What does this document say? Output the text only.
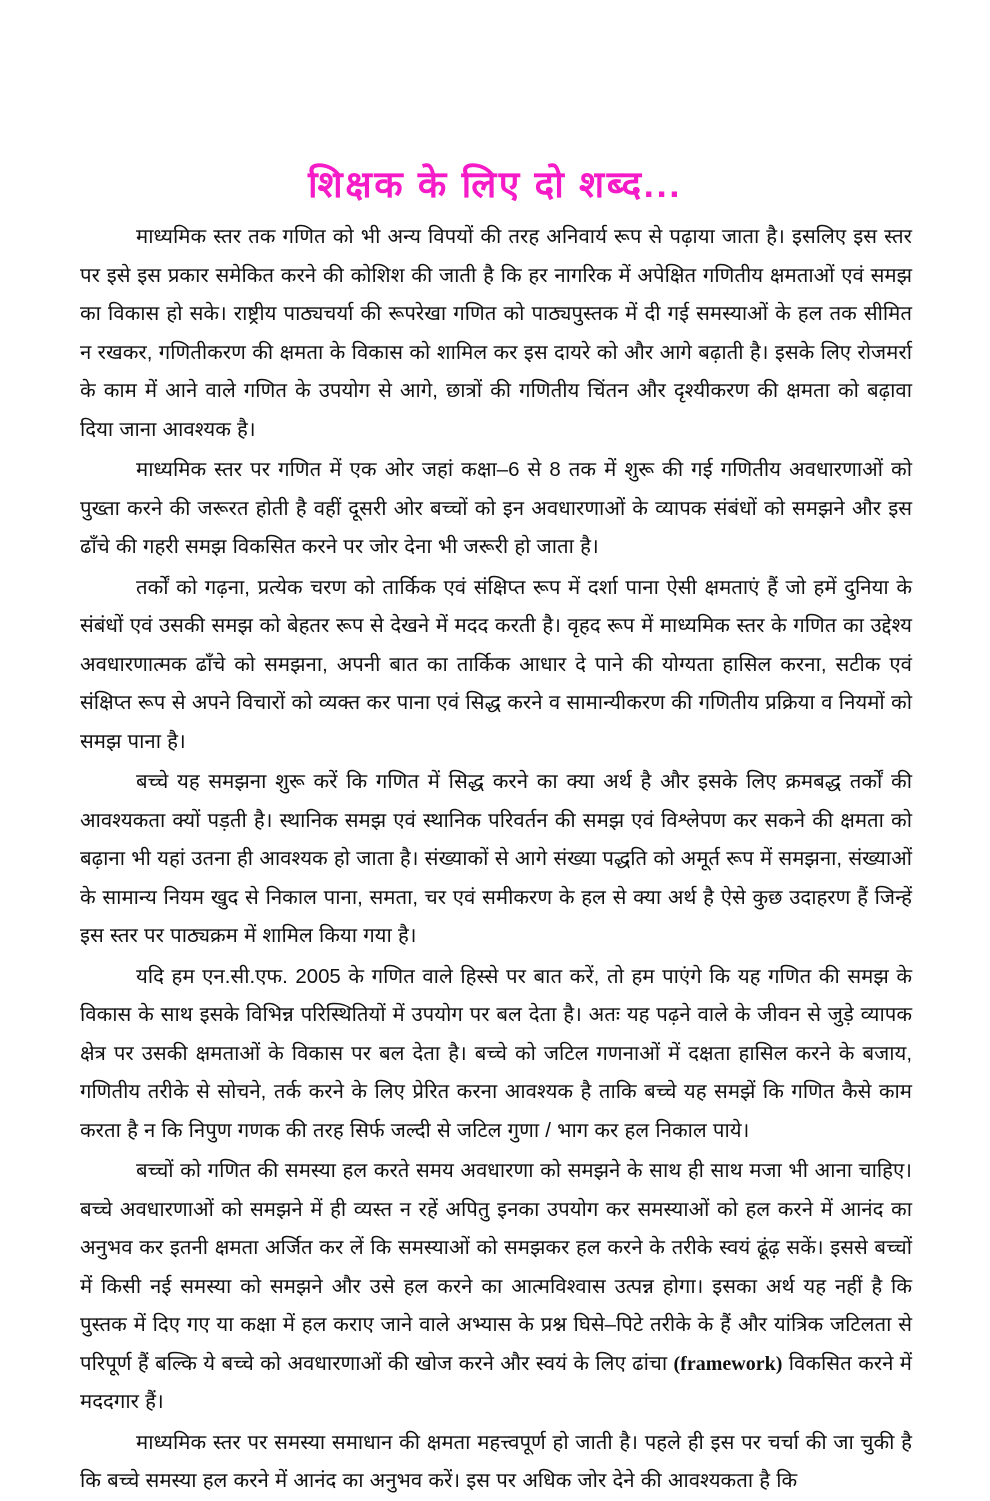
शिक्षक के लिए दो शब्द...

माध्यमिक स्तर तक गणित को भी अन्य विपयों की तरह अनिवार्य रूप से पढ़ाया जाता है। इसलिए इस स्तर पर इसे इस प्रकार समेकित करने की कोशिश की जाती है कि हर नागरिक में अपेक्षित गणितीय क्षमताओं एवं समझ का विकास हो सके। राष्ट्रीय पाठ्यचर्या की रूपरेखा गणित को पाठ्यपुस्तक में दी गई समस्याओं के हल तक सीमित न रखकर, गणितीकरण की क्षमता के विकास को शामिल कर इस दायरे को और आगे बढ़ाती है। इसके लिए रोजमर्रा के काम में आने वाले गणित के उपयोग से आगे, छात्रों की गणितीय चिंतन और दृश्यीकरण की क्षमता को बढ़ावा दिया जाना आवश्यक है।

माध्यमिक स्तर पर गणित में एक ओर जहां कक्षा–6 से 8 तक में शुरू की गई गणितीय अवधारणाओं को पुख्ता करने की जरूरत होती है वहीं दूसरी ओर बच्चों को इन अवधारणाओं के व्यापक संबंधों को समझने और इस ढाँचे की गहरी समझ विकसित करने पर जोर देना भी जरूरी हो जाता है।

तर्कों को गढ़ना, प्रत्येक चरण को तार्किक एवं संक्षिप्त रूप में दर्शा पाना ऐसी क्षमताएं हैं जो हमें दुनिया के संबंधों एवं उसकी समझ को बेहतर रूप से देखने में मदद करती है। वृहद रूप में माध्यमिक स्तर के गणित का उद्देश्य अवधारणात्मक ढाँचे को समझना, अपनी बात का तार्किक आधार दे पाने की योग्यता हासिल करना, सटीक एवं संक्षिप्त रूप से अपने विचारों को व्यक्त कर पाना एवं सिद्ध करने व सामान्यीकरण की गणितीय प्रक्रिया व नियमों को समझ पाना है।

बच्चे यह समझना शुरू करें कि गणित में सिद्ध करने का क्या अर्थ है और इसके लिए क्रमबद्ध तर्कों की आवश्यकता क्यों पड़ती है। स्थानिक समझ एवं स्थानिक परिवर्तन की समझ एवं विश्लेपण कर सकने की क्षमता को बढ़ाना भी यहां उतना ही आवश्यक हो जाता है। संख्याकों से आगे संख्या पद्धति को अमूर्त रूप में समझना, संख्याओं के सामान्य नियम खुद से निकाल पाना, समता, चर एवं समीकरण के हल से क्या अर्थ है ऐसे कुछ उदाहरण हैं जिन्हें इस स्तर पर पाठ्यक्रम में शामिल किया गया है।

यदि हम एन.सी.एफ. 2005 के गणित वाले हिस्से पर बात करें, तो हम पाएंगे कि यह गणित की समझ के विकास के साथ इसके विभिन्न परिस्थितियों में उपयोग पर बल देता है। अतः यह पढ़ने वाले के जीवन से जुड़े व्यापक क्षेत्र पर उसकी क्षमताओं के विकास पर बल देता है। बच्चे को जटिल गणनाओं में दक्षता हासिल करने के बजाय, गणितीय तरीके से सोचने, तर्क करने के लिए प्रेरित करना आवश्यक है ताकि बच्चे यह समझें कि गणित कैसे काम करता है न कि निपुण गणक की तरह सिर्फ जल्दी से जटिल गुणा / भाग कर हल निकाल पाये।

बच्चों को गणित की समस्या हल करते समय अवधारणा को समझने के साथ ही साथ मजा भी आना चाहिए। बच्चे अवधारणाओं को समझने में ही व्यस्त न रहें अपितु इनका उपयोग कर समस्याओं को हल करने में आनंद का अनुभव कर इतनी क्षमता अर्जित कर लें कि समस्याओं को समझकर हल करने के तरीके स्वयं ढूंढ़ सकें। इससे बच्चों में किसी नई समस्या को समझने और उसे हल करने का आत्मविश्वास उत्पन्न होगा। इसका अर्थ यह नहीं है कि पुस्तक में दिए गए या कक्षा में हल कराए जाने वाले अभ्यास के प्रश्न घिसे–पिटे तरीके के हैं और यांत्रिक जटिलता से परिपूर्ण हैं बल्कि ये बच्चे को अवधारणाओं की खोज करने और स्वयं के लिए ढांचा (framework) विकसित करने में मददगार हैं।

माध्यमिक स्तर पर समस्या समाधान की क्षमता महत्त्वपूर्ण हो जाती है। पहले ही इस पर चर्चा की जा चुकी है कि बच्चे समस्या हल करने में आनंद का अनुभव करें। इस पर अधिक जोर देने की आवश्यकता है कि
